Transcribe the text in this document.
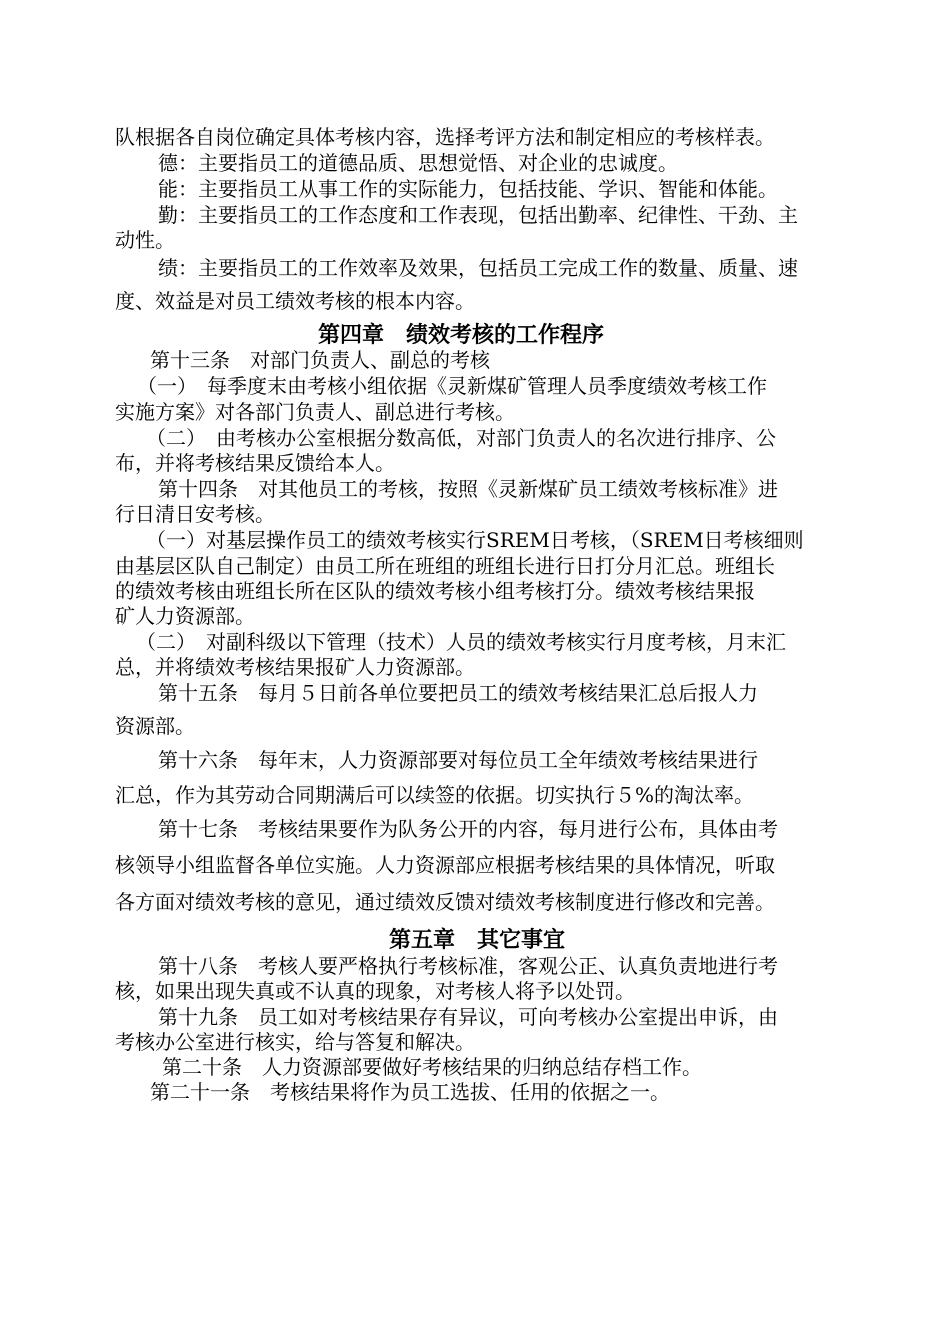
队根据各自岗位确定具体考核内容，选择考评方法和制定相应的考核样表。
德：主要指员工的道德品质、思想觉悟、对企业的忠诚度。
能：主要指员工从事工作的实际能力，包括技能、学识、智能和体能。
勤：主要指员工的工作态度和工作表现，包括出勤率、纪律性、干劲、主
动性。
绩：主要指员工的工作效率及效果，包括员工完成工作的数量、质量、速
度、效益是对员工绩效考核的根本内容。
第四章　绩效考核的工作程序
第十三条　对部门负责人、副总的考核
（一）　每季度末由考核小组依据《灵新煤矿管理人员季度绩效考核工作
实施方案》对各部门负责人、副总进行考核。
（二）　由考核办公室根据分数高低，对部门负责人的名次进行排序、公
布，并将考核结果反馈给本人。
第十四条　对其他员工的考核，按照《灵新煤矿员工绩效考核标准》进
行日清日安考核。
（一）对基层操作员工的绩效考核实行SREM日考核，（SREM日考核细则
由基层区队自己制定）由员工所在班组的班组长进行日打分月汇总。班组长
的绩效考核由班组长所在区队的绩效考核小组考核打分。绩效考核结果报
矿人力资源部。
（二）　对副科级以下管理（技术）人员的绩效考核实行月度考核，月末汇
总，并将绩效考核结果报矿人力资源部。
第十五条　每月５日前各单位要把员工的绩效考核结果汇总后报人力
资源部。
第十六条　每年末，人力资源部要对每位员工全年绩效考核结果进行
汇总，作为其劳动合同期满后可以续签的依据。切实执行５%的淘汰率。
第十七条　考核结果要作为队务公开的内容，每月进行公布，具体由考
核领导小组监督各单位实施。人力资源部应根据考核结果的具体情况，听取
各方面对绩效考核的意见，通过绩效反馈对绩效考核制度进行修改和完善。
第五章　其它事宜
第十八条　考核人要严格执行考核标准，客观公正、认真负责地进行考
核，如果出现失真或不认真的现象，对考核人将予以处罚。
第十九条　员工如对考核结果存有异议，可向考核办公室提出申诉，由
考核办公室进行核实，给与答复和解决。
第二十条　人力资源部要做好考核结果的归纳总结存档工作。
第二十一条　考核结果将作为员工选拔、任用的依据之一。
